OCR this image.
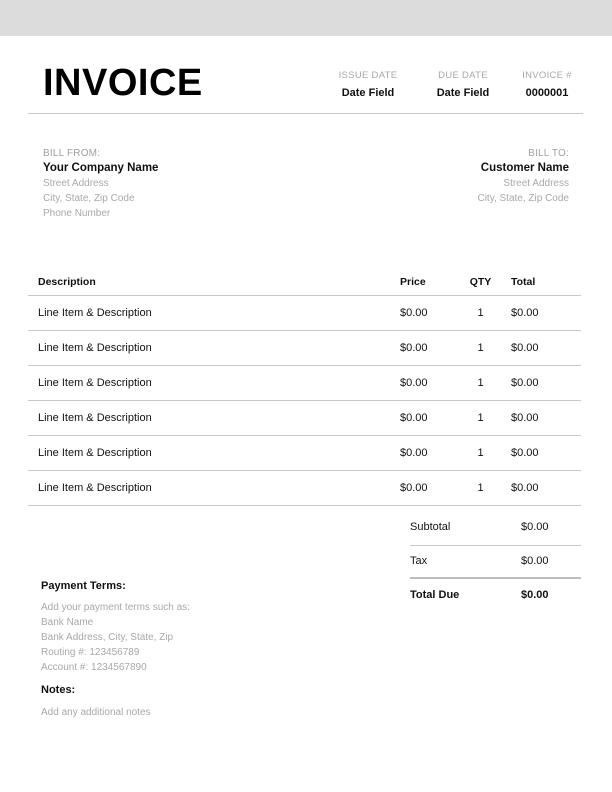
INVOICE	ISSUE DATE
Date Field
DUE DATE
Date Field
INVOICE #
0000001
BILL FROM:
Your Company Name
Street Address
City, State, Zip Code
Phone Number
BILL TO:
Customer Name
Street Address
City, State, Zip Code
Description	Price	QTY	Total
Line Item & Description	$0.00	1	$0.00
Line Item & Description	$0.00	1	$0.00
Line Item & Description	$0.00	1	$0.00
Line Item & Description	$0.00	1	$0.00
Line Item & Description	$0.00	1	$0.00
Line Item & Description	$0.00	1	$0.00
Subtotal	$0.00
Tax	$0.00
Total Due	$0.00
Payment Terms:
Add your payment terms such as:
Bank Name
Bank Address, City, State, Zip
Routing #: 123456789
Account #: 1234567890
Notes:
Add any additional notes
